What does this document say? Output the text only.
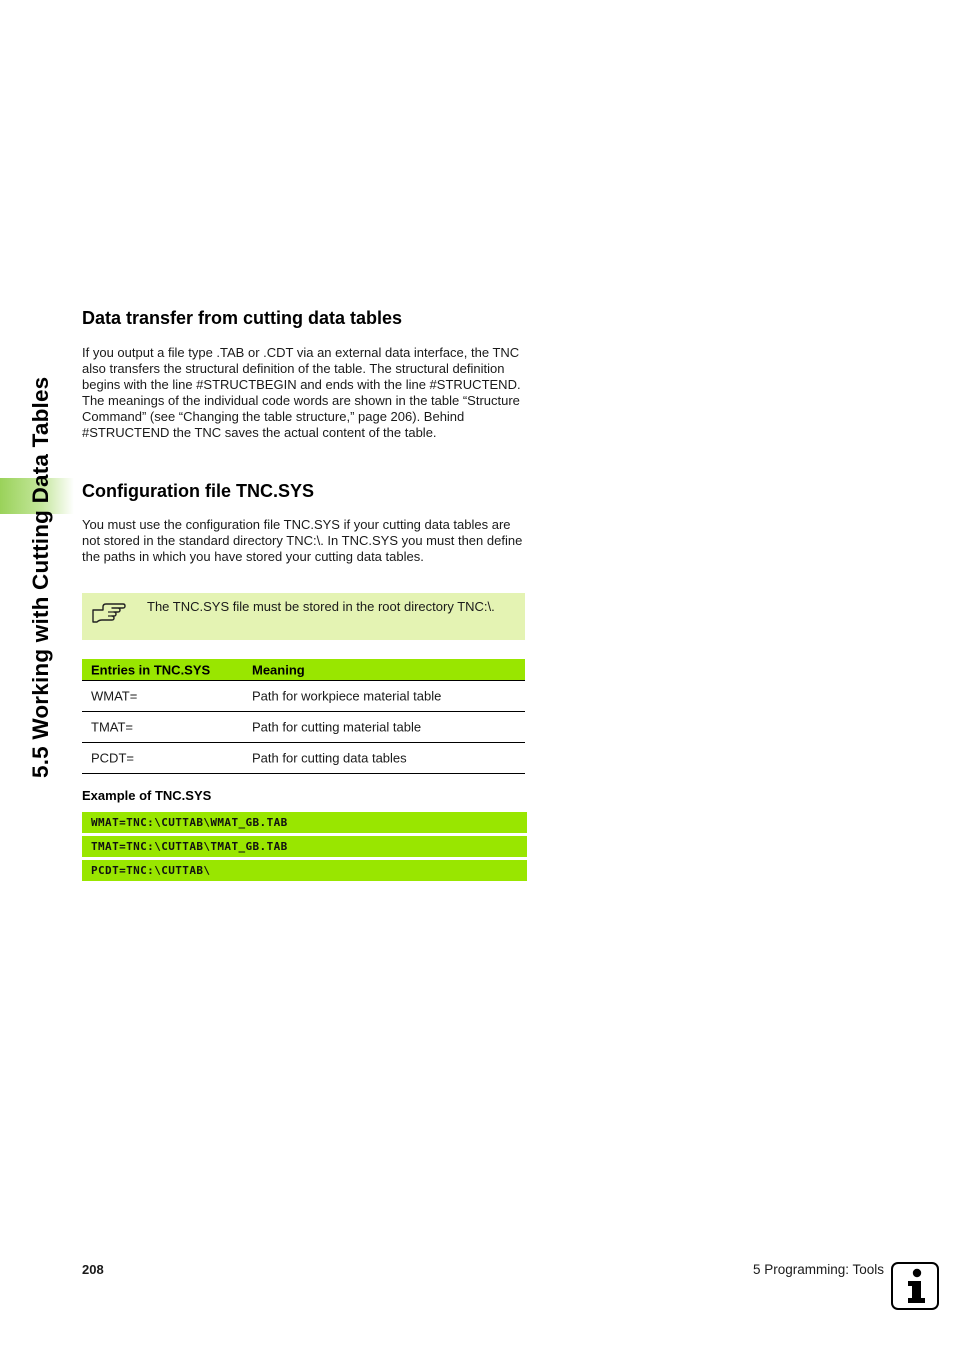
5.5 Working with Cutting Data Tables
Data transfer from cutting data tables

If you output a file type .TAB or .CDT via an external data interface, the TNC also transfers the structural definition of the table. The structural definition begins with the line #STRUCTBEGIN and ends with the line #STRUCTEND. The meanings of the individual code words are shown in the table “Structure Command” (see “Changing the table structure,” page 206). Behind #STRUCTEND the TNC saves the actual content of the table.

Configuration file TNC.SYS

You must use the configuration file TNC.SYS if your cutting data tables are not stored in the standard directory TNC:\. In TNC.SYS you must then define the paths in which you have stored your cutting data tables.

The TNC.SYS file must be stored in the root directory TNC:\.
Entries in TNC.SYS	Meaning
WMAT=	Path for workpiece material table
TMAT=	Path for cutting material table
PCDT=	Path for cutting data tables
Example of TNC.SYS
WMAT=TNC:\CUTTAB\WMAT_GB.TAB
TMAT=TNC:\CUTTAB\TMAT_GB.TAB
PCDT=TNC:\CUTTAB\
208	5 Programming: Tools
